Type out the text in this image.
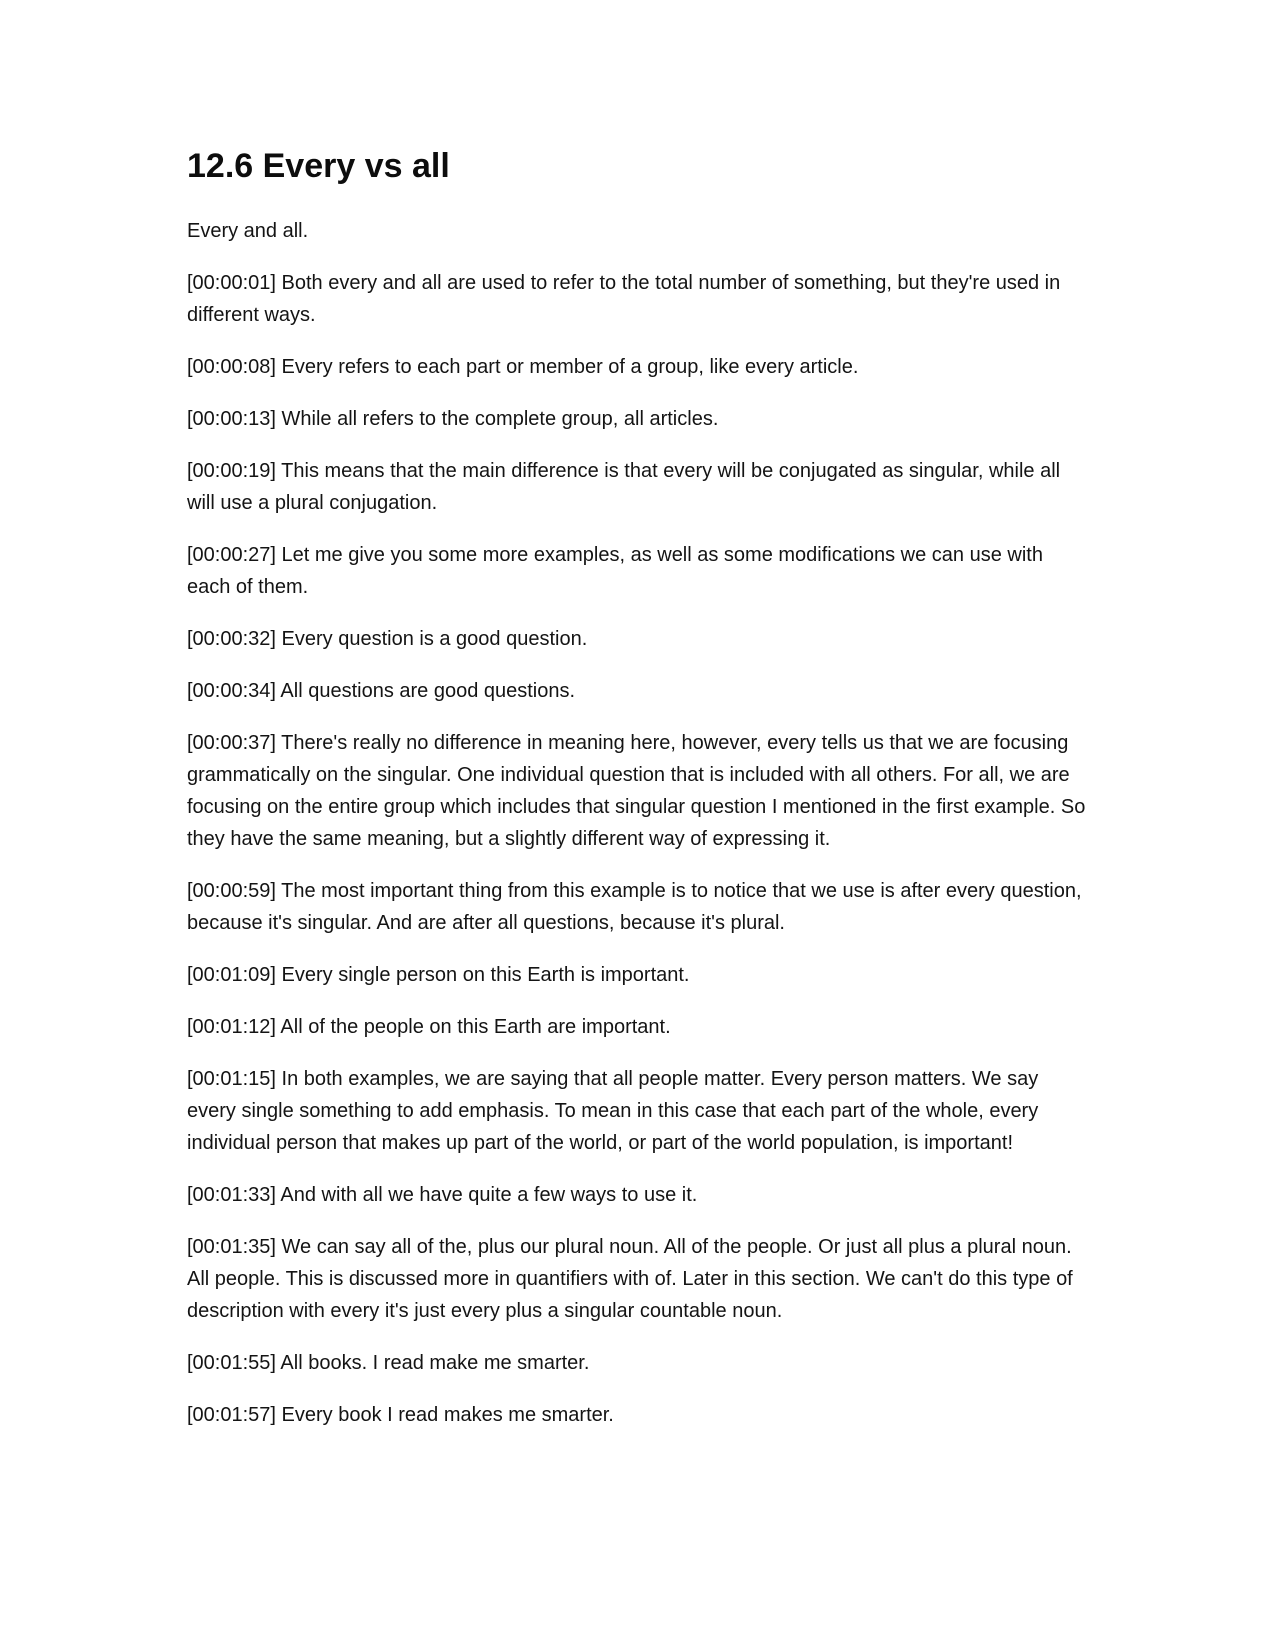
12.6 Every vs all

Every and all.

[00:00:01] Both every and all are used to refer to the total number of something, but they're used in different ways.

[00:00:08] Every refers to each part or member of a group, like every article.

[00:00:13] While all refers to the complete group, all articles.

[00:00:19] This means that the main difference is that every will be conjugated as singular, while all will use a plural conjugation.

[00:00:27] Let me give you some more examples, as well as some modifications we can use with each of them.

[00:00:32] Every question is a good question.

[00:00:34] All questions are good questions.

[00:00:37] There's really no difference in meaning here, however, every tells us that we are focusing grammatically on the singular. One individual question that is included with all others. For all, we are focusing on the entire group which includes that singular question I mentioned in the first example. So they have the same meaning, but a slightly different way of expressing it.

[00:00:59] The most important thing from this example is to notice that we use is after every question, because it's singular. And are after all questions, because it's plural.

[00:01:09] Every single person on this Earth is important.

[00:01:12] All of the people on this Earth are important.

[00:01:15] In both examples, we are saying that all people matter. Every person matters. We say every single something to add emphasis. To mean in this case that each part of the whole, every individual person that makes up part of the world, or part of the world population, is important!

[00:01:33] And with all we have quite a few ways to use it.

[00:01:35] We can say all of the, plus our plural noun. All of the people. Or just all plus a plural noun. All people. This is discussed more in quantifiers with of. Later in this section. We can't do this type of description with every it's just every plus a singular countable noun.

[00:01:55] All books. I read make me smarter.

[00:01:57] Every book I read makes me smarter.
